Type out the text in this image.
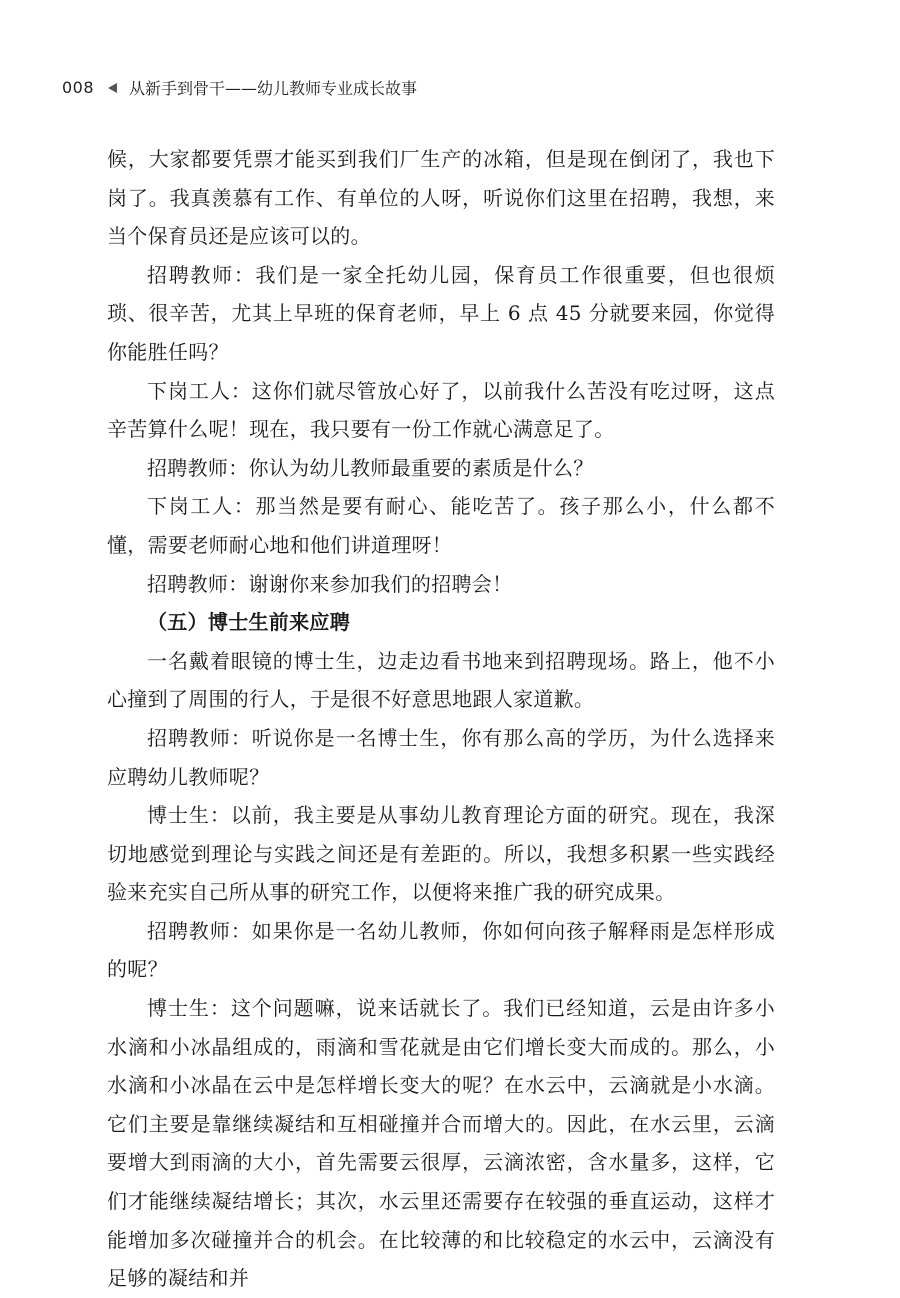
008 从新手到骨干——幼儿教师专业成长故事

候，大家都要凭票才能买到我们厂生产的冰箱，但是现在倒闭了，我也下岗了。我真羡慕有工作、有单位的人呀，听说你们这里在招聘，我想，来当个保育员还是应该可以的。

招聘教师：我们是一家全托幼儿园，保育员工作很重要，但也很烦琐、很辛苦，尤其上早班的保育老师，早上 6 点 45 分就要来园，你觉得你能胜任吗？

下岗工人：这你们就尽管放心好了，以前我什么苦没有吃过呀，这点辛苦算什么呢！现在，我只要有一份工作就心满意足了。

招聘教师：你认为幼儿教师最重要的素质是什么？

下岗工人：那当然是要有耐心、能吃苦了。孩子那么小，什么都不懂，需要老师耐心地和他们讲道理呀！

招聘教师：谢谢你来参加我们的招聘会！

（五）博士生前来应聘

一名戴着眼镜的博士生，边走边看书地来到招聘现场。路上，他不小心撞到了周围的行人，于是很不好意思地跟人家道歉。

招聘教师：听说你是一名博士生，你有那么高的学历，为什么选择来应聘幼儿教师呢？

博士生：以前，我主要是从事幼儿教育理论方面的研究。现在，我深切地感觉到理论与实践之间还是有差距的。所以，我想多积累一些实践经验来充实自己所从事的研究工作，以便将来推广我的研究成果。

招聘教师：如果你是一名幼儿教师，你如何向孩子解释雨是怎样形成的呢？

博士生：这个问题嘛，说来话就长了。我们已经知道，云是由许多小水滴和小冰晶组成的，雨滴和雪花就是由它们增长变大而成的。那么，小水滴和小冰晶在云中是怎样增长变大的呢？在水云中，云滴就是小水滴。它们主要是靠继续凝结和互相碰撞并合而增大的。因此，在水云里，云滴要增大到雨滴的大小，首先需要云很厚，云滴浓密，含水量多，这样，它们才能继续凝结增长；其次，水云里还需要存在较强的垂直运动，这样才能增加多次碰撞并合的机会。在比较薄的和比较稳定的水云中，云滴没有足够的凝结和并
